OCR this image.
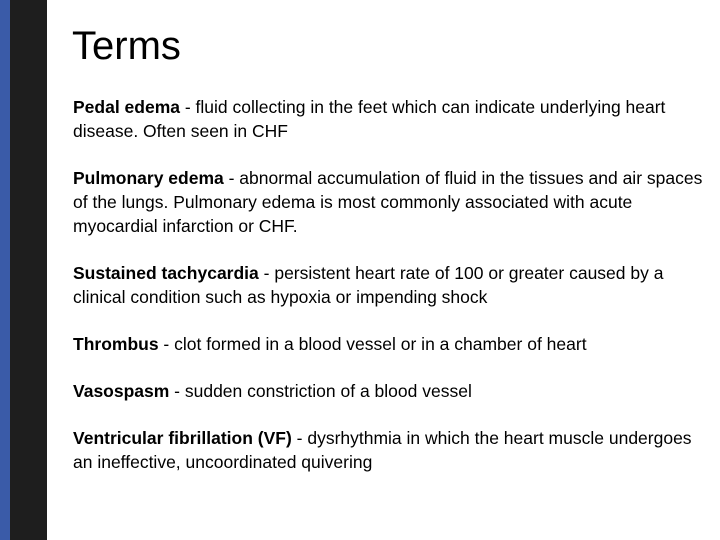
Terms

Pedal edema - fluid collecting in the feet which can indicate underlying heart disease. Often seen in CHF

Pulmonary edema - abnormal accumulation of fluid in the tissues and air spaces of the lungs. Pulmonary edema is most commonly associated with acute myocardial infarction or CHF.

Sustained tachycardia - persistent heart rate of 100 or greater caused by a clinical condition such as hypoxia or impending shock

Thrombus - clot formed in a blood vessel or in a chamber of heart

Vasospasm - sudden constriction of a blood vessel

Ventricular fibrillation (VF) - dysrhythmia in which the heart muscle undergoes an ineffective, uncoordinated quivering
